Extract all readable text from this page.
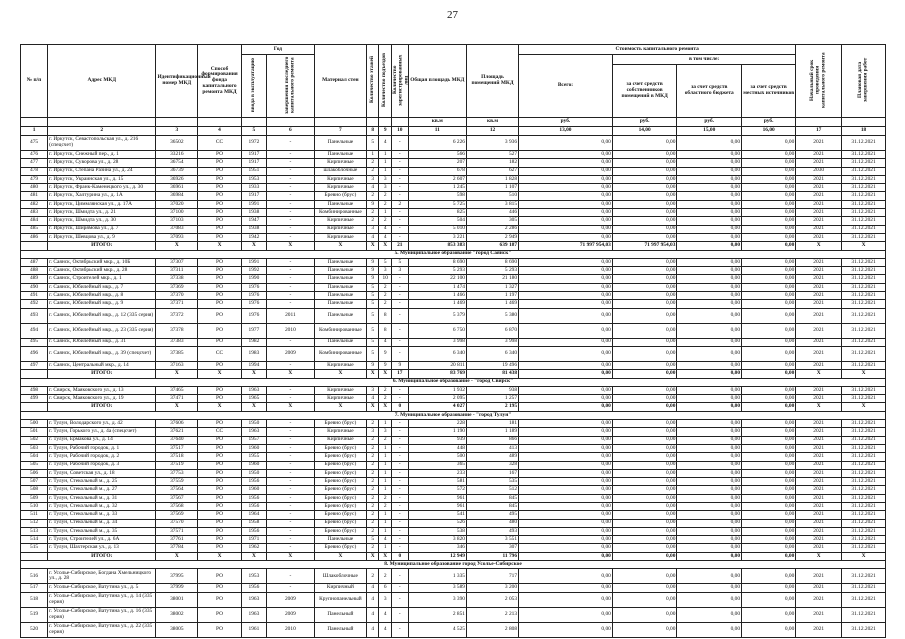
27
№ п/п	Адрес МКД	Идентификационный номер МКД	Способ формирования фонда капитального ремонта МКД	Год		Материал стен	Количество этажей	Количество подъездов	Количество зарегистрированных лиц	Общая площадь МКД	Площадь помещений МКД	Стоимость капитального ремонта				Начальный срок проведения капитального ремонта	Плановая дата завершения работ
				ввода в эксплуатацию	завершения последнего капитального ремонта							Всего:	в том числе:				
													за счет средств собственников помещений в МКД	за счет средств областного бюджета	за счет средств местных источников		
										кв.м	кв.м	руб.	руб.	руб.	руб.		
1	2	3	4	5	6	7	8	9	10	11	12	13,00	14,00	15,00	16,00	17	18
475	г. Иркутск, Севастопольская ул., д. 216 (спецсчет)	36502	СС	1972	-	Панельные	5	4	-	6 226	3 936	0,00	0,00	0,00	0,00	2021	31.12.2021
476	г. Иркутск, Снежный пер., д. 1	33216	РО	1917	-	Панельные	1	1	-	566	527	0,00	0,00	0,00	0,00	2021	31.12.2021
477	г. Иркутск, Суворова ул., д. 28	36754	РО	1917	-	Кирпичные	2	1	-	207	182	0,00	0,00	0,00	0,00	2021	31.12.2021
478	г. Иркутск, Степана Разина ул., д. 24	36739	РО	1951	-	шлакоблочные	2	1	-	678	627	0,00	0,00	0,00	0,00	2030	31.12.2021
479	г. Иркутск, Украинская ул., д. 15	36926	РО	1953	-	Кирпичные	3	3	-	2 607	1 828	0,00	0,00	0,00	0,00	2021	31.12.2021
480	г. Иркутск, Франк-Каменецкого ул., д. 30	36961	РО	1933	-	Кирпичные	4	3	-	1 245	1 107	0,00	0,00	0,00	0,00	2021	31.12.2021
481	г. Иркутск, Халтурина ул., д. 1А	36984	РО	1917	-	Бревно (брус)	2	2	-	598	510	0,00	0,00	0,00	0,00	2021	31.12.2021
482	г. Иркутск, Циммлянская ул., д. 17А	37020	РО	1991	-	Панельные	9	2	2	5 725	3 815	0,00	0,00	0,00	0,00	2021	31.12.2021
483	г. Иркутск, Шмидта ул., д. 21	37100	РО	1938	-	Комбинированные	2	1	-	825	446	0,00	0,00	0,00	0,00	2021	31.12.2021
484	г. Иркутск, Шмидта ул., д. 30	37103	РО	1947	-	Кирпичные	2	2	-	504	305	0,00	0,00	0,00	0,00	2021	31.12.2021
485	г. Иркутск, Ширямова ул., д. 7	37083	РО	1938	-	Кирпичные	3	4	-	5 010	2 286	0,00	0,00	0,00	0,00	2021	31.12.2021
486	г. Иркутск, Шевцова ул., д. 9	37093	РО	1942	-	Кирпичные	4	4	-	3 221	2 949	0,00	0,00	0,00	0,00	2021	31.12.2021
	ИТОГО:	X	X	X	X	X	X	X	21	853 383	639 187	71 997 954,03	71 997 954,03	0,00	0,00	X	X
5. Муниципальное образование "город Саянск"																	
487	г. Саянск, Октябрьский мкр., д. 10Б	37307	РО	1991	-	Панельные	9	5	5	8 690	8 690	0,00	0,00	0,00	0,00	2021	31.12.2021
488	г. Саянск, Октябрьский мкр., д. 28	37311	РО	1992	-	Панельные	9	3	3	5 293	5 293	0,00	0,00	0,00	0,00	2021	31.12.2021
489	г. Саянск, Строителей мкр., д. 1	37338	РО	1990	-	Панельные	9	10	-	22 100	21 180	0,00	0,00	0,00	0,00	2021	31.12.2021
490	г. Саянск, Юбилейный мкр., д. 7	37369	РО	1976	-	Панельные	5	2	-	1 474	1 327	0,00	0,00	0,00	0,00	2021	31.12.2021
491	г. Саянск, Юбилейный мкр., д. 8	37370	РО	1976	-	Панельные	5	2	-	1 466	1 197	0,00	0,00	0,00	0,00	2021	31.12.2021
492	г. Саянск, Юбилейный мкр., д. 9	37371	РО	1976	-	Панельные	5	2	-	1 469	1 469	0,00	0,00	0,00	0,00	2021	31.12.2021
493	г. Саянск, Юбилейный мкр., д. 12 (335 серия)	37372	РО	1976	2011	Панельные	5	8	-	5 379	5 380	0,00	0,00	0,00	0,00	2021	31.12.2021
494	г. Саянск, Юбилейный мкр., д. 23 (335 серия)	37378	РО	1977	2010	Комбинированные	5	8	-	6 750	6 870	0,00	0,00	0,00	0,00	2021	31.12.2021
495	г. Саянск, Юбилейный мкр., д. 31	37383	РО	1982	-	Панельные	5	4	-	3 998	3 998	0,00	0,00	0,00	0,00	2021	31.12.2021
496	г. Саянск, Юбилейный мкр., д. 39 (спецсчет)	37385	СС	1983	2009	Комбинированные	5	9	-	6 340	6 340	0,00	0,00	0,00	0,00	2021	31.12.2021
497	г. Саянск, Центральный мкр., д. 14	37163	РО	1994	-	Кирпичные	9	9	9	20 811	19 496	0,00	0,00	0,00	0,00	2021	31.12.2021
	ИТОГО:	X	X	X	X	X	X	X	17	83 769	81 438	0,00	0,00	0,00	0,00	X	X
6. Муниципальное образование - "город Свирск"																	
498	г. Свирск, Маяковского ул., д. 13	37465	РО	1963	-	Кирпичные	3	2	-	1 932	938	0,00	0,00	0,00	0,00	2021	31.12.2021
499	г. Свирск, Маяковского ул., д. 19	37471	РО	1965	-	Кирпичные	4	2	-	2 095	1 257	0,00	0,00	0,00	0,00	2021	31.12.2021
	ИТОГО:	X	X	X	X	X	X	X	0	4 027	2 195	0,00	0,00	0,00	0,00	X	X
7. Муниципальное образование - "город Тулун"																	
500	г. Тулун, Володарского ул., д. 42	37606	РО	1950	-	Бревно (брус)	2	1	-	228	181	0,00	0,00	0,00	0,00	2021	31.12.2021
501	г. Тулун, Горького ул., д. 4а (спецсчет)	37621	СС	1963	-	Кирпичные	3	3	-	1 190	1 189	0,00	0,00	0,00	0,00	2021	31.12.2021
502	г. Тулун, Ермакова ул., д. 14	37640	РО	1957	-	Кирпичные	2	2	-	939	866	0,00	0,00	0,00	0,00	2021	31.12.2021
503	г. Тулун, Рабочий городок, д. 1	37517	РО	1960	-	Бревно (брус)	2	1	-	448	413	0,00	0,00	0,00	0,00	2021	31.12.2021
504	г. Тулун, Рабочий городок, д. 2	37518	РО	1955	-	Бревно (брус)	2	1	-	500	489	0,00	0,00	0,00	0,00	2021	31.12.2021
505	г. Тулун, Рабочий городок, д. 3	37519	РО	1960	-	Бревно (брус)	2	1	-	365	328	0,00	0,00	0,00	0,00	2021	31.12.2021
506	г. Тулун, Советская ул., д. 18	37753	РО	1950	-	Бревно (брус)	2	1	-	233	167	0,00	0,00	0,00	0,00	2021	31.12.2021
507	г. Тулун, Стекольный м., д. 25	37559	РО	1956	-	Бревно (брус)	2	1	-	581	535	0,00	0,00	0,00	0,00	2021	31.12.2021
508	г. Тулун, Стекольный м., д. 27	37564	РО	1960	-	Бревно (брус)	2	1	-	572	512	0,00	0,00	0,00	0,00	2021	31.12.2021
509	г. Тулун, Стекольный м., д. 31	37567	РО	1956	-	Бревно (брус)	2	2	-	961	845	0,00	0,00	0,00	0,00	2021	31.12.2021
510	г. Тулун, Стекольный м., д. 32	37568	РО	1956	-	Бревно (брус)	2	2	-	961	845	0,00	0,00	0,00	0,00	2021	31.12.2021
511	г. Тулун, Стекольный м., д. 33	37569	РО	1964	-	Бревно (брус)	2	1	-	541	495	0,00	0,00	0,00	0,00	2021	31.12.2021
512	г. Тулун, Стекольный м., д. 34	37570	РО	1958	-	Бревно (брус)	2	1	-	526	480	0,00	0,00	0,00	0,00	2021	31.12.2021
513	г. Тулун, Стекольный м., д. 35	37571	РО	1956	-	Бревно (брус)	2	1	-	538	493	0,00	0,00	0,00	0,00	2021	31.12.2021
514	г. Тулун, Строителей ул., д. 6А	37761	РО	1971	-	Панельные	5	4	-	3 820	3 551	0,00	0,00	0,00	0,00	2021	31.12.2021
515	г. Тулун, Шахтерская ул., д. 13	37784	РО	1962	-	Бревно (брус)	2	1	-	346	307	0,00	0,00	0,00	0,00	2021	31.12.2021
	ИТОГО:	X	X	X	X	X	X	X	0	12 949	11 796	0,00	0,00	0,00	0,00	X	X
8. Муниципальное образование город Усолье-Сибирское																	
516	г. Усолье-Сибирское, Богдана Хмельницкого ул., д. 28	37995	РО	1953	-	Шлакоблочные	2	2	-	1 335	717	0,00	0,00	0,00	0,00	2021	31.12.2021
517	г. Усолье-Сибирское, Ватутина ул., д. 5	37999	РО	1956	-	Кирпичный	4	6	-	3 589	3 200	0,00	0,00	0,00	0,00	2021	31.12.2021
518	г. Усолье-Сибирское, Ватутина ул., д. 14 (335 серия)	38001	РО	1963	2009	Крупнопанельный	4	3	-	3 390	2 053	0,00	0,00	0,00	0,00	2021	31.12.2021
519	г. Усолье-Сибирское, Ватутина ул., д. 16 (335 серия)	38002	РО	1963	2009	Панельный	4	4	-	2 851	2 213	0,00	0,00	0,00	0,00	2021	31.12.2021
520	г. Усолье-Сибирское, Ватутина ул., д. 22 (335 серия)	38005	РО	1961	2010	Панельный	4	4	-	4 525	2 808	0,00	0,00	0,00	0,00	2021	31.12.2021
